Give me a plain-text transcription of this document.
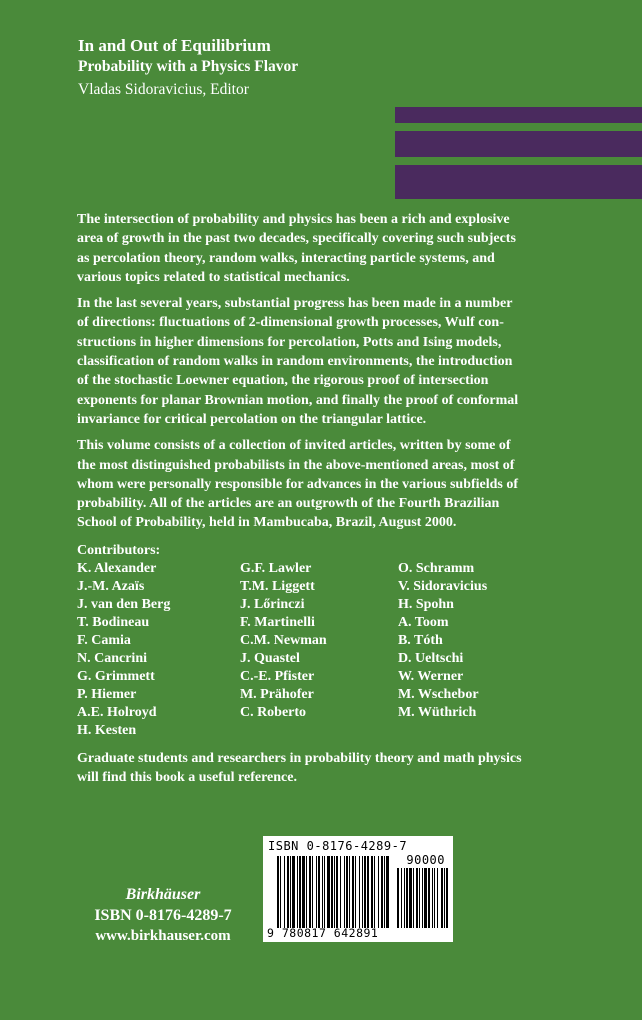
In and Out of Equilibrium

Probability with a Physics Flavor

Vladas Sidoravicius, Editor

The intersection of probability and physics has been a rich and explosive
area of growth in the past two decades, specifically covering such subjects
as percolation theory, random walks, interacting particle systems, and
various topics related to statistical mechanics.

In the last several years, substantial progress has been made in a number
of directions: fluctuations of 2-dimensional growth processes, Wulf con-
structions in higher dimensions for percolation, Potts and Ising models,
classification of random walks in random environments, the introduction
of the stochastic Loewner equation, the rigorous proof of intersection
exponents for planar Brownian motion, and finally the proof of conformal
invariance for critical percolation on the triangular lattice.

This volume consists of a collection of invited articles, written by some of
the most distinguished probabilists in the above-mentioned areas, most of
whom were personally responsible for advances in the various subfields of
probability. All of the articles are an outgrowth of the Fourth Brazilian
School of Probability, held in Mambucaba, Brazil, August 2000.

Contributors:

K. Alexander
J.-M. Azaïs
J. van den Berg
T. Bodineau
F. Camia
N. Cancrini
G. Grimmett
P. Hiemer
A.E. Holroyd
H. Kesten
G.F. Lawler
T.M. Liggett
J. Lőrinczi
F. Martinelli
C.M. Newman
J. Quastel
C.-E. Pfister
M. Prähofer
C. Roberto
O. Schramm
V. Sidoravicius
H. Spohn
A. Toom
B. Tóth
D. Ueltschi
W. Werner
M. Wschebor
M. Wüthrich

Graduate students and researchers in probability theory and math physics
will find this book a useful reference.

Birkhäuser
ISBN 0-8176-4289-7
www.birkhauser.com
ISBN 0-8176-4289-7
90000
9 780817 642891
